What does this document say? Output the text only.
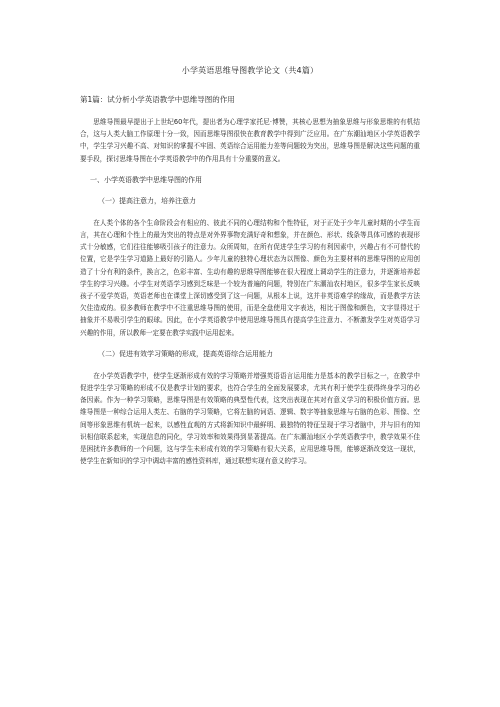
小学英语思维导图教学论文（共4篇）
第1篇：试分析小学英语教学中思维导图的作用

思维导图最早提出于上世纪60年代，提出者为心理学家托尼·博赞，其核心思想为抽象思维与形象思维的有机结合，这与人类大脑工作原理十分一致，因而思维导图很快在教育教学中得到广泛应用。在广东潮汕地区小学英语教学中，学生学习兴趣不高、对知识的掌握不牢固、英语综合运用能力差等问题较为突出，思维导图是解决这些问题的重要手段，探讨思维导图在小学英语教学中的作用具有十分重要的意义。

一、小学英语教学中思维导图的作用
（一）提高注意力，培养注意力

在人类个体的各个生命阶段会有相应的、彼此不同的心理结构和个性特征，对于正处于少年儿童时期的小学生而言，其在心理和个性上的最为突出的特点是对外界事物充满好奇和想象，并在颜色、形状、线条等具体可感的表现形式十分敏感，它们往往能够吸引孩子的注意力。众所周知，在所有促进学生学习的有利因素中，兴趣占有不可替代的位置，它是学生学习道路上最好的引路人。少年儿童的独特心理状态为以图像、颜色为主要材料的思维导图的应用创造了十分有利的条件，换言之，色彩丰富、生动有趣的思维导图能够在很大程度上调动学生的注意力，并逐渐培养起学生的学习兴趣。小学生对英语学习感到乏味是一个较为普遍的问题，特别在广东潮汕农村地区，很多学生家长反映孩子不爱学英语，英语老师也在课堂上深切感受到了这一问题，从根本上说，这并非英语难学的缘故，而是教学方法欠佳造成的。很多教师在教学中不注重思维导图的使用，而是全盘使用文字表达，相比于图像和颜色，文字显得过于抽象并不易吸引学生的眼球。因此，在小学英语教学中使用思维导图具有提高学生注意力、不断激发学生对英语学习兴趣的作用，所以教师一定要在教学实践中运用起来。

（二）促进有效学习策略的形成，提高英语综合运用能力

在小学英语教学中，使学生逐渐形成有效的学习策略并增强英语语言运用能力是基本的教学目标之一，在教学中促进学生学习策略的形成不仅是教学计划的要求，也符合学生的全面发展要求，尤其有利于使学生获得终身学习的必备因素。作为一种学习策略，思维导图是有效策略的典型性代表，这突出表现在其对有意义学习的积极价值方面。思维导图是一种综合运用人类左、右脑的学习策略，它将左脑的词语、逻辑、数字等抽象思维与右脑的色彩、图像、空间等形象思维有机统一起来，以感性直观的方式将新知识中最鲜明、最独特的特征呈现于学习者脑中，并与旧有的知识相信联系起来，实现信息的同化，学习效率和效果得到显著提高。在广东潮汕地区小学英语教学中，教学效果不佳是困扰许多教师的一个问题，这与学生未形成有效的学习策略有很大关系，应用思维导图，能够逐渐改变这一现状，使学生在新知识的学习中调动丰富的感性资料库，通过联想实现有意义的学习。
